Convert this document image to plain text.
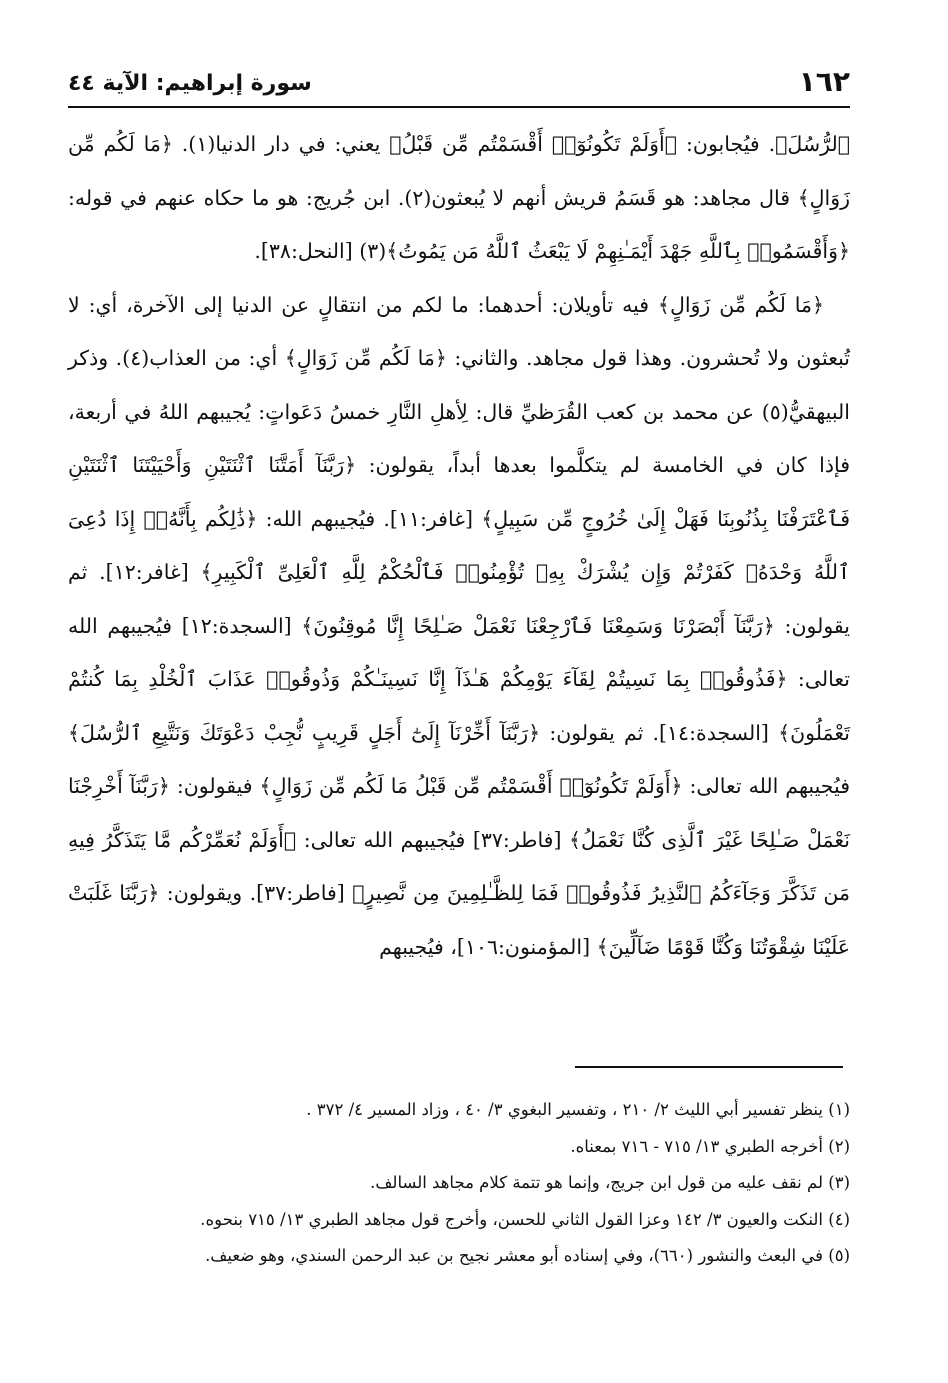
١٦٢
سورة إبراهيم: الآية ٤٤

ٱلرُّسُلَ﴾. فيُجابون: ﴿أَوَلَمْ تَكُونُوٓا۟ أَقْسَمْتُم مِّن قَبْلُ﴾ يعني: في دار الدنيا(١). ﴿مَا لَكُم مِّن زَوَالٍ﴾ قال مجاهد: هو قَسَمُ قريش أنهم لا يُبعثون(٢). ابن جُريج: هو ما حكاه عنهم في قوله: ﴿وَأَقْسَمُوا۟ بِٱللَّهِ جَهْدَ أَيْمَـٰنِهِمْ لَا يَبْعَثُ ٱللَّهُ مَن يَمُوتُ﴾(٣) [النحل:٣٨].

﴿مَا لَكُم مِّن زَوَالٍ﴾ فيه تأويلان: أحدهما: ما لكم من انتقالٍ عن الدنيا إلى الآخرة، أي: لا تُبعثون ولا تُحشرون. وهذا قول مجاهد. والثاني: ﴿مَا لَكُم مِّن زَوَالٍ﴾ أي: من العذاب(٤). وذكر البيهقيُّ(٥) عن محمد بن كعب القُرَظيِّ قال: لِأهلِ النَّارِ خمسُ دَعَواتٍ: يُجيبهم اللهُ في أربعة، فإذا كان في الخامسة لم يتكلَّموا بعدها أبداً، يقولون: ﴿رَبَّنَآ أَمَتَّنَا ٱثْنَتَيْنِ وَأَحْيَيْتَنَا ٱثْنَتَيْنِ فَٱعْتَرَفْنَا بِذُنُوبِنَا فَهَلْ إِلَىٰ خُرُوجٍ مِّن سَبِيلٍ﴾ [غافر:١١]. فيُجيبهم الله: ﴿ذَٰلِكُم بِأَنَّهُۥٓ إِذَا دُعِىَ ٱللَّهُ وَحْدَهُۥ كَفَرْتُمْ وَإِن يُشْرَكْ بِهِۦ تُؤْمِنُوا۟ فَٱلْحُكْمُ لِلَّهِ ٱلْعَلِىِّ ٱلْكَبِيرِ﴾ [غافر:١٢]. ثم يقولون: ﴿رَبَّنَآ أَبْصَرْنَا وَسَمِعْنَا فَٱرْجِعْنَا نَعْمَلْ صَـٰلِحًا إِنَّا مُوقِنُونَ﴾ [السجدة:١٢] فيُجيبهم الله تعالى: ﴿فَذُوقُوا۟ بِمَا نَسِيتُمْ لِقَآءَ يَوْمِكُمْ هَـٰذَآ إِنَّا نَسِينَـٰكُمْ وَذُوقُوا۟ عَذَابَ ٱلْخُلْدِ بِمَا كُنتُمْ تَعْمَلُونَ﴾ [السجدة:١٤]. ثم يقولون: ﴿رَبَّنَآ أَخِّرْنَآ إِلَىٰٓ أَجَلٍ قَرِيبٍ نُّجِبْ دَعْوَتَكَ وَنَتَّبِعِ ٱلرُّسُلَ﴾ فيُجيبهم الله تعالى: ﴿أَوَلَمْ تَكُونُوٓا۟ أَقْسَمْتُم مِّن قَبْلُ مَا لَكُم مِّن زَوَالٍ﴾ فيقولون: ﴿رَبَّنَآ أَخْرِجْنَا نَعْمَلْ صَـٰلِحًا غَيْرَ ٱلَّذِى كُنَّا نَعْمَلُ﴾ [فاطر:٣٧] فيُجيبهم الله تعالى: ﴿أَوَلَمْ نُعَمِّرْكُم مَّا يَتَذَكَّرُ فِيهِ مَن تَذَكَّرَ وَجَآءَكُمُ ٱلنَّذِيرُ فَذُوقُوا۟ فَمَا لِلظَّـٰلِمِينَ مِن نَّصِيرٍ﴾ [فاطر:٣٧]. ويقولون: ﴿رَبَّنَا غَلَبَتْ عَلَيْنَا شِقْوَتُنَا وَكُنَّا قَوْمًا ضَآلِّينَ﴾ [المؤمنون:١٠٦]، فيُجيبهم

(١) ينظر تفسير أبي الليث ٢/ ٢١٠ ، وتفسير البغوي ٣/ ٤٠ ، وزاد المسير ٤/ ٣٧٢ .
(٢) أخرجه الطبري ١٣/ ٧١٥ - ٧١٦ بمعناه.
(٣) لم نقف عليه من قول ابن جريج، وإنما هو تتمة كلام مجاهد السالف.
(٤) النكت والعيون ٣/ ١٤٢ وعزا القول الثاني للحسن، وأخرج قول مجاهد الطبري ١٣/ ٧١٥ بنحوه.
(٥) في البعث والنشور (٦٦٠)، وفي إسناده أبو معشر نجيح بن عبد الرحمن السندي، وهو ضعيف.
